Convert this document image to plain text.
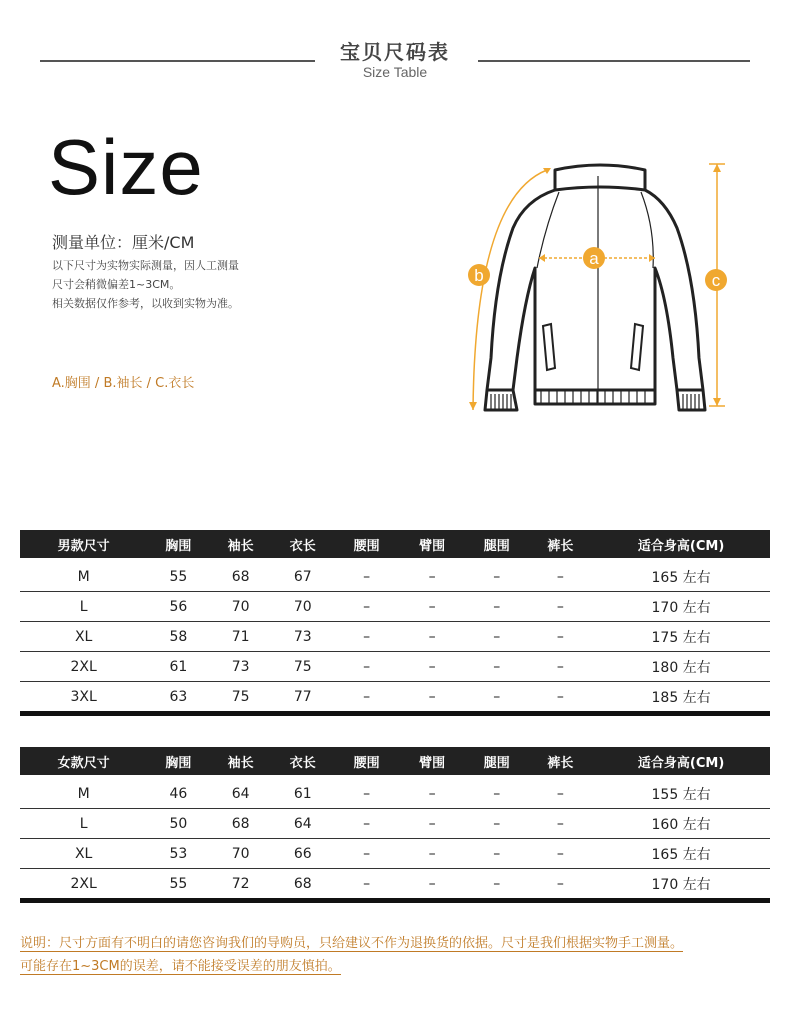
宝贝尺码表
Size Table
Size
测量单位：厘米/CM
以下尺寸为实物实际测量，因人工测量
尺寸会稍微偏差1~3CM。
相关数据仅作参考，以收到实物为准。
A.胸围 / B.袖长 / C.衣长
a
b	c
男款尺寸	胸围	袖长	衣长	腰围	臂围	腿围	裤长	适合身高(CM)
M	55	68	67	–	–	–	–	165 左右
L	56	70	70	–	–	–	–	170 左右
XL	58	71	73	–	–	–	–	175 左右
2XL	61	73	75	–	–	–	–	180 左右
3XL	63	75	77	–	–	–	–	185 左右
女款尺寸	胸围	袖长	衣长	腰围	臂围	腿围	裤长	适合身高(CM)
M	46	64	61	–	–	–	–	155 左右
L	50	68	64	–	–	–	–	160 左右
XL	53	70	66	–	–	–	–	165 左右
2XL	55	72	68	–	–	–	–	170 左右
说明：尺寸方面有不明白的请您咨询我们的导购员，只给建议不作为退换货的依据。尺寸是我们根据实物手工测量。
可能存在1~3CM的误差，请不能接受误差的朋友慎拍。
